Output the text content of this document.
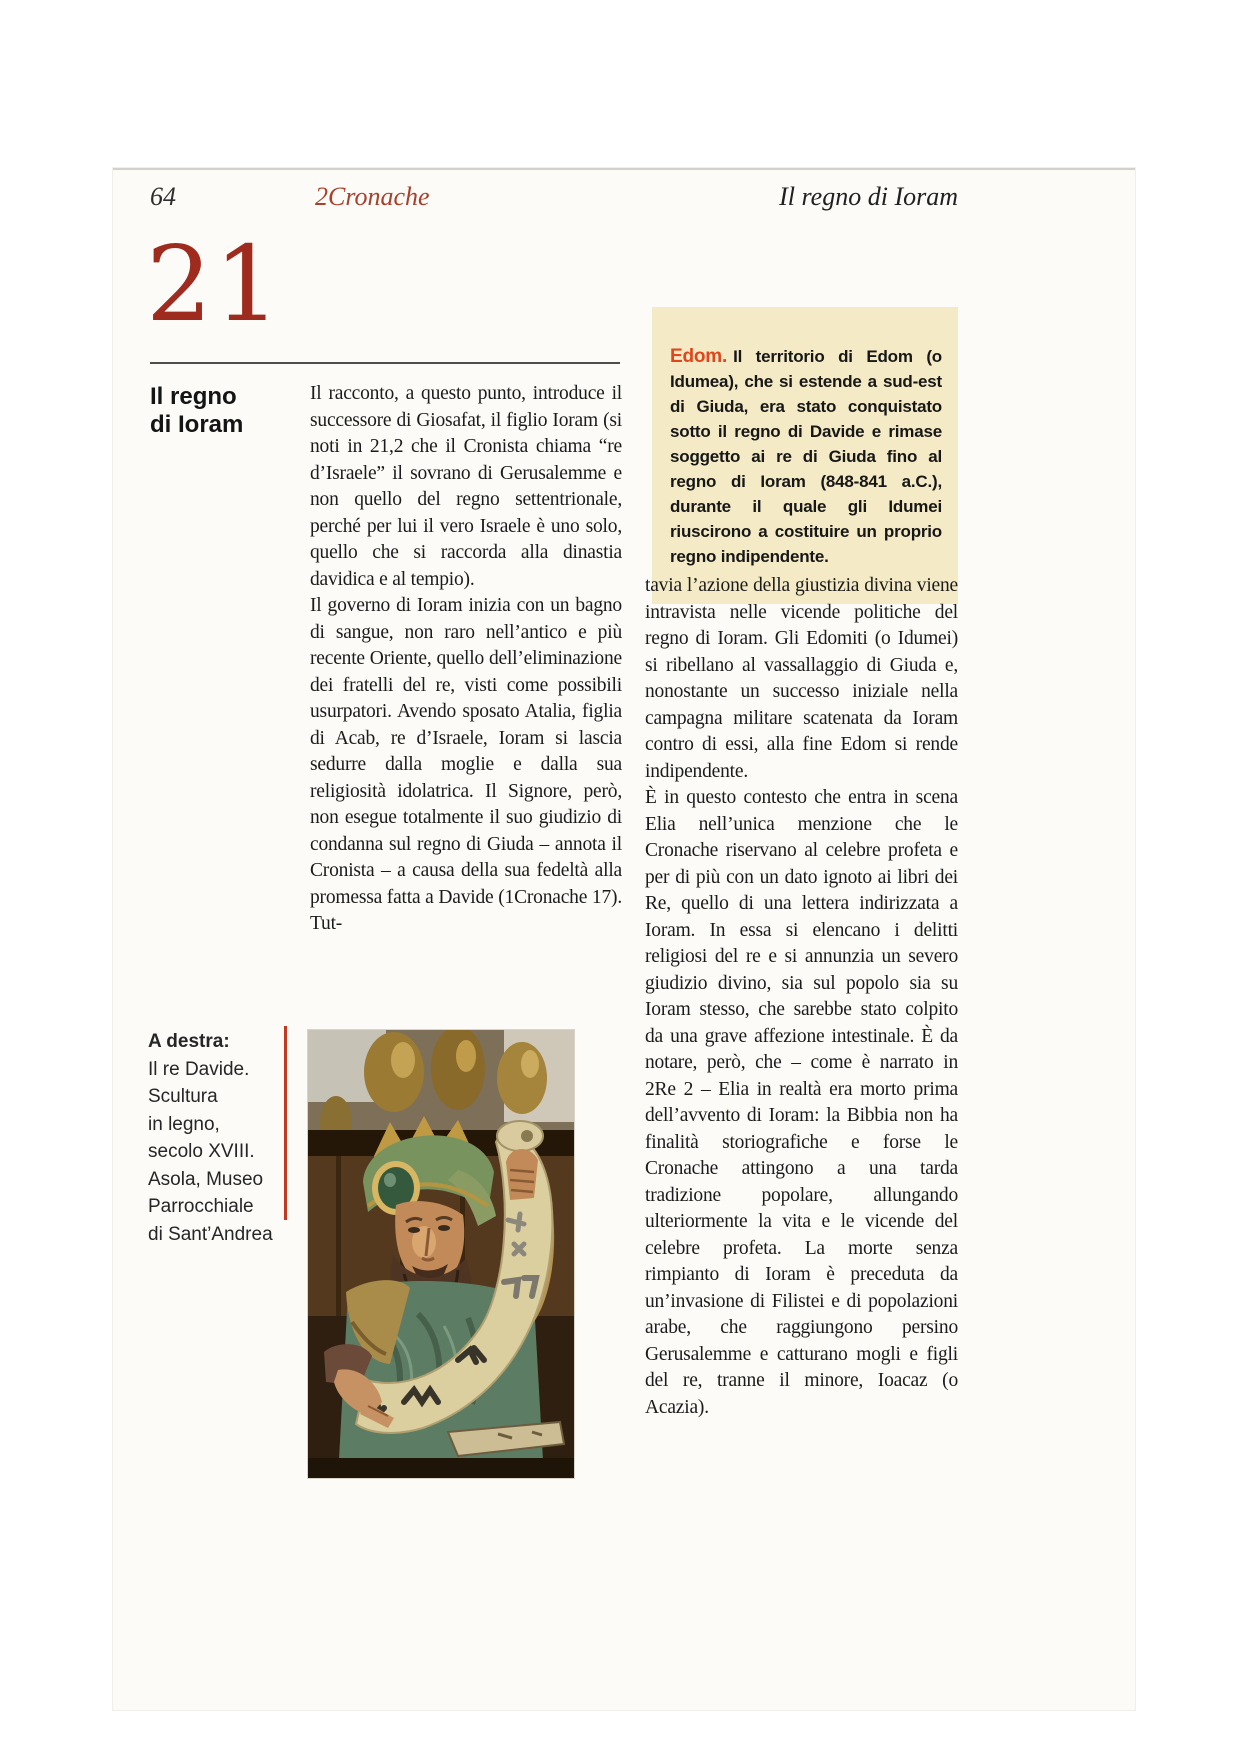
64	2Cronache	Il regno di Ioram
21
Il regno
di Ioram

Edom. Il territorio di Edom (o Idumea), che si estende a sud-est di Giuda, era stato conquistato sotto il regno di Davide e rimase soggetto ai re di Giuda fino al regno di Ioram (848-841 a.C.), durante il quale gli Idumei riuscirono a costituire un proprio regno indipendente.

Il racconto, a questo punto, introduce il successore di Giosafat, il figlio Ioram (si noti in 21,2 che il Cronista chiama “re d’Israele” il sovrano di Gerusalemme e non quello del regno settentrionale, perché per lui il vero Israele è uno solo, quello che si raccorda alla dinastia davidica e al tempio).

Il governo di Ioram inizia con un bagno di sangue, non raro nell’antico e più recente Oriente, quello dell’eliminazione dei fratelli del re, visti come possibili usurpatori. Avendo sposato Atalia, figlia di Acab, re d’Israele, Ioram si lascia sedurre dalla moglie e dalla sua religiosità idolatrica. Il Signore, però, non esegue totalmente il suo giudizio di condanna sul regno di Giuda – annota il Cronista – a causa della sua fedeltà alla promessa fatta a Davide (1Cronache 17). Tut-

tavia l’azione della giustizia divina viene intravista nelle vicende politiche del regno di Ioram. Gli Edomiti (o Idumei) si ribellano al vassallaggio di Giuda e, nonostante un successo iniziale nella campagna militare scatenata da Ioram contro di essi, alla fine Edom si rende indipendente.

È in questo contesto che entra in scena Elia nell’unica menzione che le Cronache riservano al celebre profeta e per di più con un dato ignoto ai libri dei Re, quello di una lettera indirizzata a Ioram. In essa si elencano i delitti religiosi del re e si annunzia un severo giudizio divino, sia sul popolo sia su Ioram stesso, che sarebbe stato colpito da una grave affezione intestinale. È da notare, però, che – come è narrato in 2Re 2 – Elia in realtà era morto prima dell’avvento di Ioram: la Bibbia non ha finalità storiografiche e forse le Cronache attingono a una tarda tradizione popolare, allungando ulteriormente la vita e le vicende del celebre profeta. La morte senza rimpianto di Ioram è preceduta da un’invasione di Filistei e di popolazioni arabe, che raggiungono persino Gerusalemme e catturano mogli e figli del re, tranne il minore, Ioacaz (o Acazia).

A destra:
Il re Davide.
Scultura
in legno,
secolo XVIII.
Asola, Museo
Parrocchiale
di Sant’Andrea
